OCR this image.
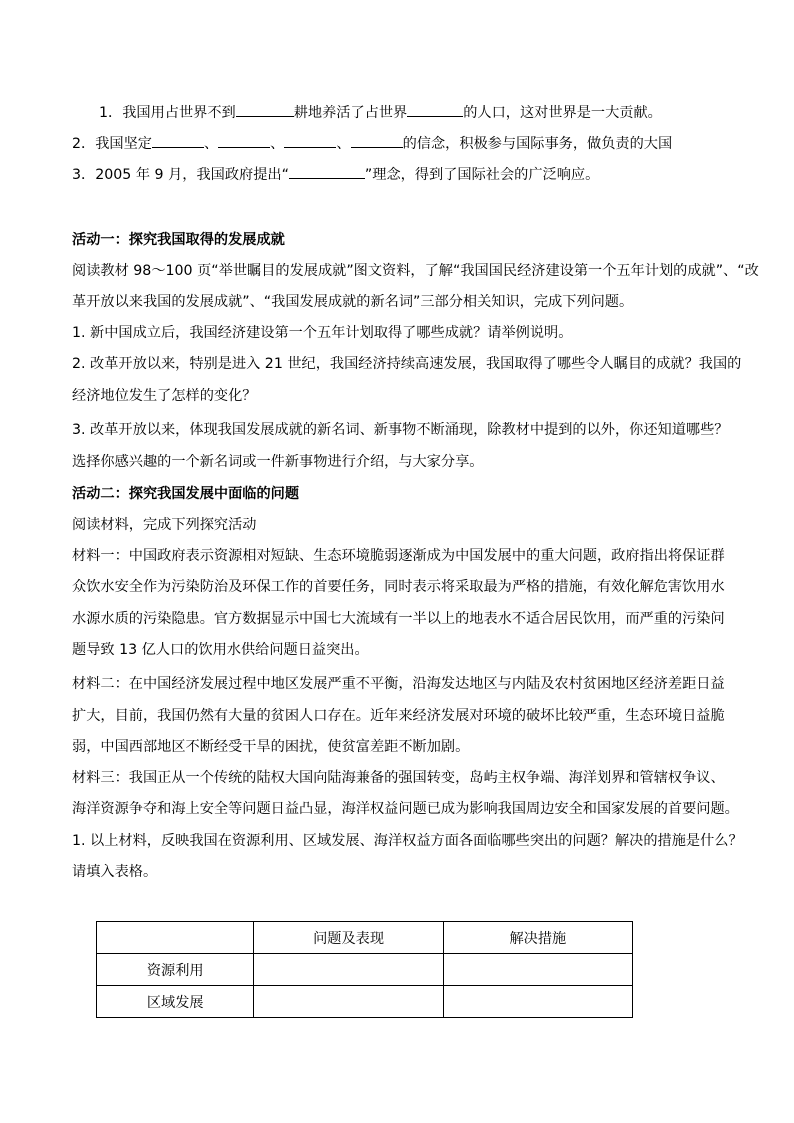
1．我国用占世界不到	耕地养活了占世界	的人口，这对世界是一大贡献。
2．我国坚定	、	、	、	的信念，积极参与国际事务，做负责的大国
3．2005 年 9 月，我国政府提出“	”理念，得到了国际社会的广泛响应。
活动一：探究我国取得的发展成就
阅读教材 98～100 页“举世瞩目的发展成就”图文资料，了解“我国国民经济建设第一个五年计划的成就”、“改
革开放以来我国的发展成就”、“我国发展成就的新名词”三部分相关知识，完成下列问题。
1. 新中国成立后，我国经济建设第一个五年计划取得了哪些成就？请举例说明。
2. 改革开放以来，特别是进入 21 世纪，我国经济持续高速发展，我国取得了哪些令人瞩目的成就？我国的
经济地位发生了怎样的变化？
3. 改革开放以来，体现我国发展成就的新名词、新事物不断涌现，除教材中提到的以外，你还知道哪些？
选择你感兴趣的一个新名词或一件新事物进行介绍，与大家分享。
活动二：探究我国发展中面临的问题
阅读材料，完成下列探究活动
材料一：中国政府表示资源相对短缺、生态环境脆弱逐渐成为中国发展中的重大问题，政府指出将保证群
众饮水安全作为污染防治及环保工作的首要任务，同时表示将采取最为严格的措施，有效化解危害饮用水
水源水质的污染隐患。官方数据显示中国七大流域有一半以上的地表水不适合居民饮用，而严重的污染问
题导致 13 亿人口的饮用水供给问题日益突出。
材料二：在中国经济发展过程中地区发展严重不平衡，沿海发达地区与内陆及农村贫困地区经济差距日益
扩大，目前，我国仍然有大量的贫困人口存在。近年来经济发展对环境的破坏比较严重，生态环境日益脆
弱，中国西部地区不断经受干旱的困扰，使贫富差距不断加剧。
材料三：我国正从一个传统的陆权大国向陆海兼备的强国转变，岛屿主权争端、海洋划界和管辖权争议、
海洋资源争夺和海上安全等问题日益凸显，海洋权益问题已成为影响我国周边安全和国家发展的首要问题。
1. 以上材料，反映我国在资源利用、区域发展、海洋权益方面各面临哪些突出的问题？解决的措施是什么？
请填入表格。
	问题及表现	解决措施
资源利用		
区域发展		
